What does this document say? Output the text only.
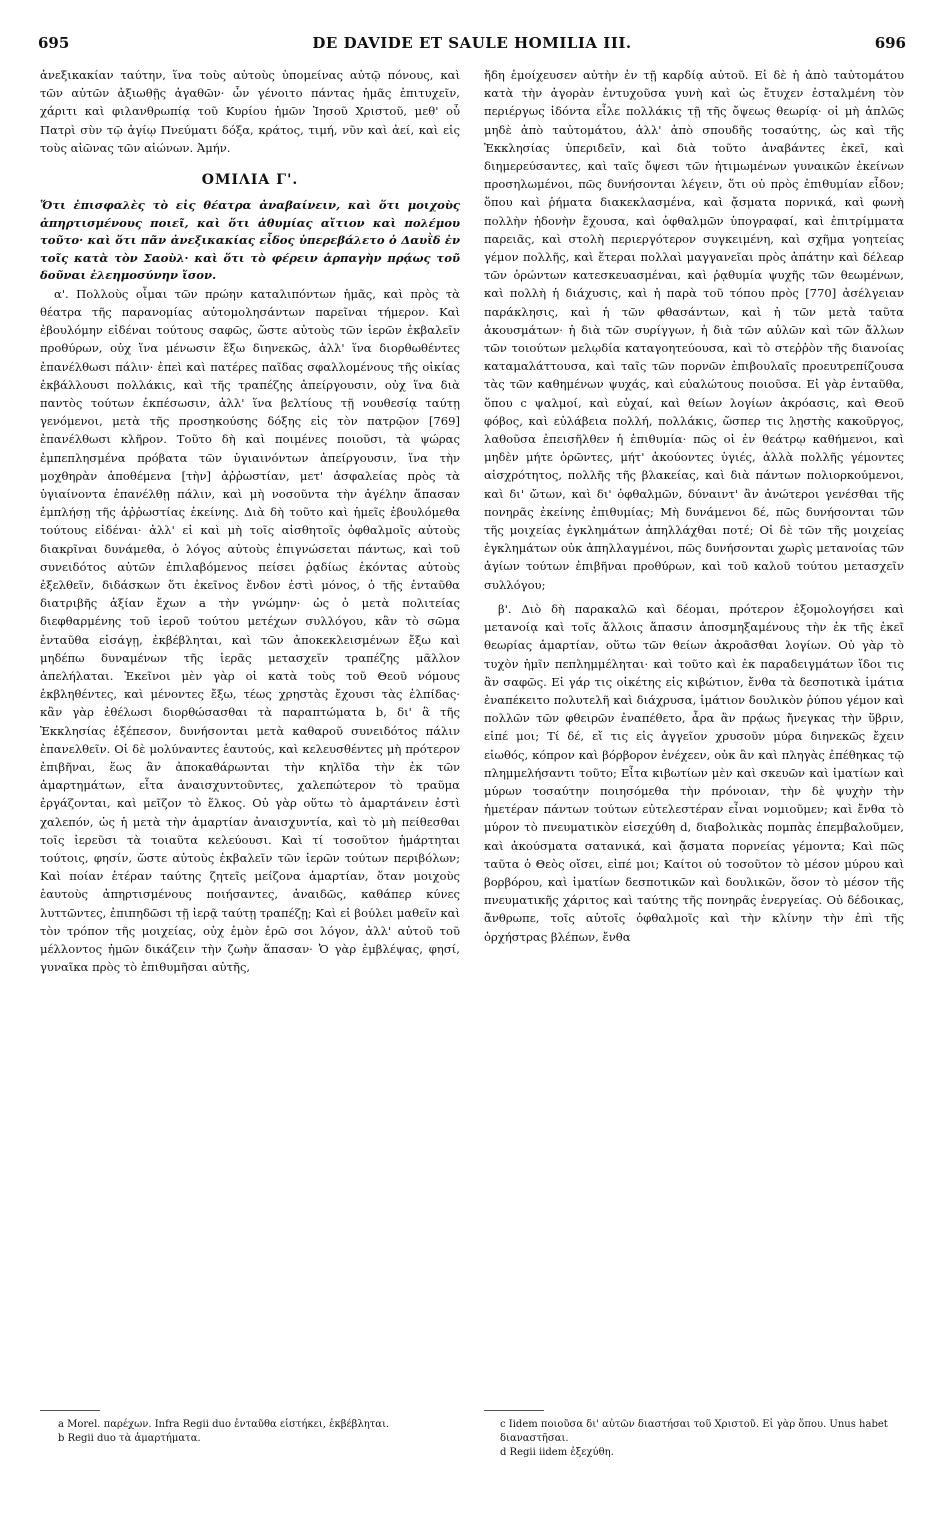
DE DAVIDE ET SAULE HOMILIA III.
695	696

ἀνεξικακίαν ταύτην, ἵνα τοὺς αὐτοὺς ὑπομείνας αὐτῷ πόνους, καὶ τῶν αὐτῶν ἀξιωθῇς ἀγαθῶν· ὧν γένοιτο πάντας ἡμᾶς ἐπιτυχεῖν, χάριτι καὶ φιλανθρωπίᾳ τοῦ Κυρίου ἡμῶν Ἰησοῦ Χριστοῦ, μεθ' οὗ Πατρὶ σὺν τῷ ἁγίῳ Πνεύματι δόξα, κράτος, τιμή, νῦν καὶ ἀεί, καὶ εἰς τοὺς αἰῶνας τῶν αἰώνων. Ἀμήν.

ΟΜΙΛΙΑ Γ'.

Ὅτι ἐπισφαλὲς τὸ εἰς θέατρα ἀναβαίνειν, καὶ ὅτι μοιχοὺς ἀπηρτισμένους ποιεῖ, καὶ ὅτι ἀθυμίας αἴτιον καὶ πολέμου τοῦτο· καὶ ὅτι πᾶν ἀνεξικακίας εἶδος ὑπερεβάλετο ὁ Δαυῒδ ἐν τοῖς κατὰ τὸν Σαοὺλ· καὶ ὅτι τὸ φέρειν ἁρπαγὴν πρᾴως τοῦ δοῦναι ἐλεημοσύνην ἴσον.

α'. Πολλοὺς οἶμαι τῶν πρώην καταλιπόντων ἡμᾶς, καὶ πρὸς τὰ θέατρα τῆς παρανομίας αὐτομολησάντων παρεῖναι τήμερον. Καὶ ἐβουλόμην εἰδέναι τούτους σαφῶς, ὥστε αὐτοὺς τῶν ἱερῶν ἐκβαλεῖν προθύρων, οὐχ ἵνα μένωσιν ἔξω διηνεκῶς, ἀλλ' ἵνα διορθωθέντες ἐπανέλθωσι πάλιν· ἐπεὶ καὶ πατέρες παῖδας σφαλλομένους τῆς οἰκίας ἐκβάλλουσι πολλάκις, καὶ τῆς τραπέζης ἀπείργουσιν, οὐχ ἵνα διὰ παντὸς τούτων ἐκπέσωσιν, ἀλλ' ἵνα βελτίους τῇ νουθεσίᾳ ταύτῃ γενόμενοι, μετὰ τῆς προσηκούσης δόξης εἰς τὸν πατρῷον [769] ἐπανέλθωσι κλῆρον. Τοῦτο δὴ καὶ ποιμένες ποιοῦσι, τὰ ψώρας ἐμπεπλησμένα πρόβατα τῶν ὑγιαινόντων ἀπείργουσιν, ἵνα τὴν μοχθηρὰν ἀποθέμενα [τὴν] ἀῤῥωστίαν, μετ' ἀσφαλείας πρὸς τὰ ὑγιαίνοντα ἐπανέλθῃ πάλιν, καὶ μὴ νοσοῦντα τὴν ἀγέλην ἅπασαν ἐμπλήσῃ τῆς ἀῤῥωστίας ἐκείνης. Διὰ δὴ τοῦτο καὶ ἡμεῖς ἐβουλόμεθα τούτους εἰδέναι· ἀλλ' εἰ καὶ μὴ τοῖς αἰσθητοῖς ὀφθαλμοῖς αὐτοὺς διακρῖναι δυνάμεθα, ὁ λόγος αὐτοὺς ἐπιγνώσεται πάντως, καὶ τοῦ συνειδότος αὐτῶν ἐπιλαβόμενος πείσει ῥᾳδίως ἑκόντας αὐτοὺς ἐξελθεῖν, διδάσκων ὅτι ἐκεῖνος ἔνδον ἐστὶ μόνος, ὁ τῆς ἐνταῦθα διατριβῆς ἀξίαν ἔχων a τὴν γνώμην· ὡς ὁ μετὰ πολιτείας διεφθαρμένης τοῦ ἱεροῦ τούτου μετέχων συλλόγου, κἂν τὸ σῶμα ἐνταῦθα εἰσάγῃ, ἐκβέβληται, καὶ τῶν ἀποκεκλεισμένων ἔξω καὶ μηδέπω δυναμένων τῆς ἱερᾶς μετασχεῖν τραπέζης μᾶλλον ἀπελήλαται. Ἐκεῖνοι μὲν γὰρ οἱ κατὰ τοὺς τοῦ Θεοῦ νόμους ἐκβληθέντες, καὶ μένοντες ἔξω, τέως χρηστὰς ἔχουσι τὰς ἐλπίδας· κἂν γὰρ ἐθέλωσι διορθώσασθαι τὰ παραπτώματα b, δι' ἃ τῆς Ἐκκλησίας ἐξέπεσον, δυνήσονται μετὰ καθαροῦ συνειδότος πάλιν ἐπανελθεῖν. Οἱ δὲ μολύναντες ἑαυτούς, καὶ κελευσθέντες μὴ πρότερον ἐπιβῆναι, ἕως ἂν ἀποκαθάρωνται τὴν κηλῖδα τὴν ἐκ τῶν ἁμαρτημάτων, εἶτα ἀναισχυντοῦντες, χαλεπώτερον τὸ τραῦμα ἐργάζονται, καὶ μεῖζον τὸ ἕλκος. Οὐ γὰρ οὕτω τὸ ἁμαρτάνειν ἐστὶ χαλεπόν, ὡς ἡ μετὰ τὴν ἁμαρτίαν ἀναισχυντία, καὶ τὸ μὴ πείθεσθαι τοῖς ἱερεῦσι τὰ τοιαῦτα κελεύουσι. Καὶ τί τοσοῦτον ἡμάρτηται τούτοις, φησίν, ὥστε αὐτοὺς ἐκβαλεῖν τῶν ἱερῶν τούτων περιβόλων; Καὶ ποίαν ἑτέραν ταύτης ζητεῖς μείζονα ἁμαρτίαν, ὅταν μοιχοὺς ἑαυτοὺς ἀπηρτισμένους ποιήσαντες, ἀναιδῶς, καθάπερ κύνες λυττῶντες, ἐπιπηδῶσι τῇ ἱερᾷ ταύτῃ τραπέζῃ; Καὶ εἰ βούλει μαθεῖν καὶ τὸν τρόπον τῆς μοιχείας, οὐχ ἐμὸν ἐρῶ σοι λόγον, ἀλλ' αὐτοῦ τοῦ μέλλοντος ἡμῶν δικάζειν τὴν ζωὴν ἅπασαν· Ὁ γὰρ ἐμβλέψας, φησί, γυναῖκα πρὸς τὸ ἐπιθυμῆσαι αὐτῆς,

ἤδη ἐμοίχευσεν αὐτὴν ἐν τῇ καρδίᾳ αὐτοῦ. Εἰ δὲ ἡ ἀπὸ ταὐτομάτου κατὰ τὴν ἀγορὰν ἐντυχοῦσα γυνὴ καὶ ὡς ἔτυχεν ἐσταλμένη τὸν περιέργως ἰδόντα εἷλε πολλάκις τῇ τῆς ὄψεως θεωρίᾳ· οἱ μὴ ἁπλῶς μηδὲ ἀπὸ ταὐτομάτου, ἀλλ' ἀπὸ σπουδῆς τοσαύτης, ὡς καὶ τῆς Ἐκκλησίας ὑπεριδεῖν, καὶ διὰ τοῦτο ἀναβάντες ἐκεῖ, καὶ διημερεύσαντες, καὶ ταῖς ὄψεσι τῶν ἠτιμωμένων γυναικῶν ἐκείνων προσηλωμένοι, πῶς δυνήσονται λέγειν, ὅτι οὐ πρὸς ἐπιθυμίαν εἶδον; ὅπου καὶ ῥήματα διακεκλασμένα, καὶ ᾄσματα πορνικά, καὶ φωνὴ πολλὴν ἡδονὴν ἔχουσα, καὶ ὀφθαλμῶν ὑπογραφαί, καὶ ἐπιτρίμματα παρειᾶς, καὶ στολὴ περιεργότερον συγκειμένη, καὶ σχῆμα γοητείας γέμον πολλῆς, καὶ ἕτεραι πολλαὶ μαγγανεῖαι πρὸς ἀπάτην καὶ δέλεαρ τῶν ὁρώντων κατεσκευασμέναι, καὶ ῥᾳθυμία ψυχῆς τῶν θεωμένων, καὶ πολλὴ ἡ διάχυσις, καὶ ἡ παρὰ τοῦ τόπου πρὸς [770] ἀσέλγειαν παράκλησις, καὶ ἡ τῶν φθασάντων, καὶ ἡ τῶν μετὰ ταῦτα ἀκουσμάτων· ἡ διὰ τῶν συρίγγων, ἡ διὰ τῶν αὐλῶν καὶ τῶν ἄλλων τῶν τοιούτων μελῳδία καταγοητεύουσα, καὶ τὸ στεῤῥὸν τῆς διανοίας καταμαλάττουσα, καὶ ταῖς τῶν πορνῶν ἐπιβουλαῖς προευτρεπίζουσα τὰς τῶν καθημένων ψυχάς, καὶ εὐαλώτους ποιοῦσα. Εἰ γὰρ ἐνταῦθα, ὅπου c ψαλμοί, καὶ εὐχαί, καὶ θείων λογίων ἀκρόασις, καὶ Θεοῦ φόβος, καὶ εὐλάβεια πολλή, πολλάκις, ὥσπερ τις λῃστὴς κακοῦργος, λαθοῦσα ἐπεισῆλθεν ἡ ἐπιθυμία· πῶς οἱ ἐν θεάτρῳ καθήμενοι, καὶ μηδὲν μήτε ὁρῶντες, μήτ' ἀκούοντες ὑγιές, ἀλλὰ πολλῆς γέμοντες αἰσχρότητος, πολλῆς τῆς βλακείας, καὶ διὰ πάντων πολιορκούμενοι, καὶ δι' ὤτων, καὶ δι' ὀφθαλμῶν, δύναιντ' ἂν ἀνώτεροι γενέσθαι τῆς πονηρᾶς ἐκείνης ἐπιθυμίας; Μὴ δυνάμενοι δέ, πῶς δυνήσονται τῶν τῆς μοιχείας ἐγκλημάτων ἀπηλλάχθαι ποτέ; Οἱ δὲ τῶν τῆς μοιχείας ἐγκλημάτων οὐκ ἀπηλλαγμένοι, πῶς δυνήσονται χωρὶς μετανοίας τῶν ἁγίων τούτων ἐπιβῆναι προθύρων, καὶ τοῦ καλοῦ τούτου μετασχεῖν συλλόγου;

β'. Διὸ δὴ παρακαλῶ καὶ δέομαι, πρότερον ἐξομολογήσει καὶ μετανοίᾳ καὶ τοῖς ἄλλοις ἅπασιν ἀποσμηξαμένους τὴν ἐκ τῆς ἐκεῖ θεωρίας ἁμαρτίαν, οὕτω τῶν θείων ἀκροᾶσθαι λογίων. Οὐ γὰρ τὸ τυχὸν ἡμῖν πεπλημμέληται· καὶ τοῦτο καὶ ἐκ παραδειγμάτων ἴδοι τις ἂν σαφῶς. Εἰ γάρ τις οἰκέτης εἰς κιβώτιον, ἔνθα τὰ δεσποτικὰ ἱμάτια ἐναπέκειτο πολυτελῆ καὶ διάχρυσα, ἱμάτιον δουλικὸν ῥύπου γέμον καὶ πολλῶν τῶν φθειρῶν ἐναπέθετο, ἆρα ἂν πρᾴως ἤνεγκας τὴν ὕβριν, εἰπέ μοι; Τί δέ, εἴ τις εἰς ἀγγεῖον χρυσοῦν μύρα διηνεκῶς ἔχειν εἰωθός, κόπρον καὶ βόρβορον ἐνέχεεν, οὐκ ἂν καὶ πληγὰς ἐπέθηκας τῷ πλημμελήσαντι τοῦτο; Εἶτα κιβωτίων μὲν καὶ σκευῶν καὶ ἱματίων καὶ μύρων τοσαύτην ποιησόμεθα τὴν πρόνοιαν, τὴν δὲ ψυχὴν τὴν ἡμετέραν πάντων τούτων εὐτελεστέραν εἶναι νομιοῦμεν; καὶ ἔνθα τὸ μύρον τὸ πνευματικὸν εἰσεχύθη d, διαβολικὰς πομπὰς ἐπεμβαλοῦμεν, καὶ ἀκούσματα σατανικά, καὶ ᾄσματα πορνείας γέμοντα; Καὶ πῶς ταῦτα ὁ Θεὸς οἴσει, εἰπέ μοι; Καίτοι οὐ τοσοῦτον τὸ μέσον μύρου καὶ βορβόρου, καὶ ἱματίων δεσποτικῶν καὶ δουλικῶν, ὅσον τὸ μέσον τῆς πνευματικῆς χάριτος καὶ ταύτης τῆς πονηρᾶς ἐνεργείας. Οὐ δέδοικας, ἄνθρωπε, τοῖς αὐτοῖς ὀφθαλμοῖς καὶ τὴν κλίνην τὴν ἐπὶ τῆς ὀρχήστρας βλέπων, ἔνθα

a Morel. παρέχων. Infra Regii duo ἐνταῦθα εἱστήκει, ἐκβέβληται.

b Regii duo τὰ ἁμαρτήματα.

c Iidem ποιοῦσα δι' αὐτῶν διαστήσαι τοῦ Χριστοῦ. Εἰ γὰρ ὅπου. Unus habet διαναστῆσαι.

d Regii iidem ἐξεχύθη.
